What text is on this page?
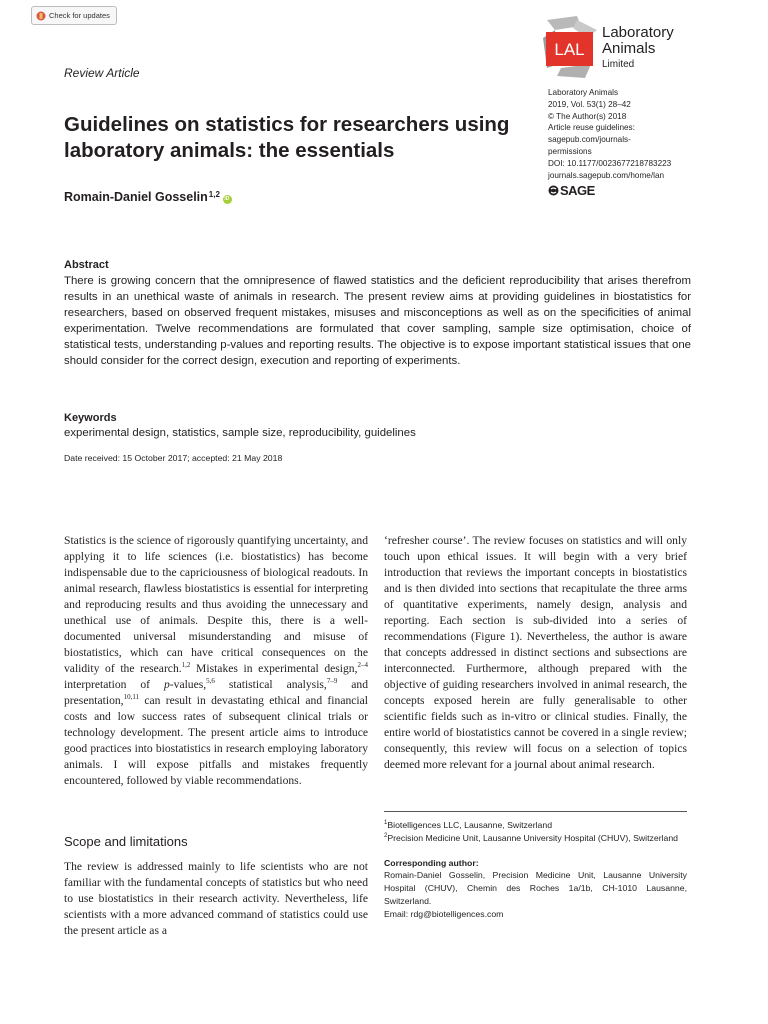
Check for updates
Review Article
LAL
Laboratory
Animals
Limited
Laboratory Animals
2019, Vol. 53(1) 28–42
© The Author(s) 2018
Article reuse guidelines:
sagepub.com/journals-
permissions
DOI: 10.1177/0023677218783223
journals.sagepub.com/home/lan
SAGE
Guidelines on statistics for researchers using laboratory animals: the essentials
Romain-Daniel Gosselin$^{1,2}$
iD
Abstract
There is growing concern that the omnipresence of flawed statistics and the deficient reproducibility that arises therefrom results in an unethical waste of animals in research. The present review aims at providing guidelines in biostatistics for researchers, based on observed frequent mistakes, misuses and misconceptions as well as on the specificities of animal experimentation. Twelve recommendations are formulated that cover sampling, sample size optimisation, choice of statistical tests, understanding p-values and reporting results. The objective is to expose important statistical issues that one should consider for the correct design, execution and reporting of experiments.
Keywords
experimental design, statistics, sample size, reproducibility, guidelines
Date received: 15 October 2017; accepted: 21 May 2018
Statistics is the science of rigorously quantifying uncertainty, and applying it to life sciences (i.e. biostatistics) has become indispensable due to the capriciousness of biological readouts. In animal research, flawless biostatistics is essential for interpreting and reproducing results and thus avoiding the unnecessary and unethical use of animals. Despite this, there is a well-documented universal misunderstanding and misuse of biostatistics, which can have critical consequences on the validity of the research.$^{1,2}$ Mistakes in experimental design,$^{2-4}$ interpretation of p-values,$^{5,6}$ statistical analysis,$^{7-9}$ and presentation,$^{10,11}$ can result in devastating ethical and financial costs and low success rates of subsequent clinical trials or technology development. The present article aims to introduce good practices into biostatistics in research employing laboratory animals. I will expose pitfalls and mistakes frequently encountered, followed by viable recommendations.
Scope and limitations
The review is addressed mainly to life scientists who are not familiar with the fundamental concepts of statistics but who need to use biostatistics in their research activity. Nevertheless, life scientists with a more advanced command of statistics could use the present article as a
‘refresher course’. The review focuses on statistics and will only touch upon ethical issues. It will begin with a very brief introduction that reviews the important concepts in biostatistics and is then divided into sections that recapitulate the three arms of quantitative experiments, namely design, analysis and reporting. Each section is sub-divided into a series of recommendations (Figure 1). Nevertheless, the author is aware that concepts addressed in distinct sections and subsections are interconnected. Furthermore, although prepared with the objective of guiding researchers involved in animal research, the concepts exposed herein are fully generalisable to other scientific fields such as in-vitro or clinical studies. Finally, the entire world of biostatistics cannot be covered in a single review; consequently, this review will focus on a selection of topics deemed more relevant for a journal about animal research.
$^1$Biotelligences LLC, Lausanne, Switzerland
$^2$Precision Medicine Unit, Lausanne University Hospital (CHUV), Switzerland
Corresponding author:
Romain-Daniel Gosselin, Precision Medicine Unit, Lausanne University Hospital (CHUV), Chemin des Roches 1a/1b, CH-1010 Lausanne, Switzerland.
Email: rdg@biotelligences.com
